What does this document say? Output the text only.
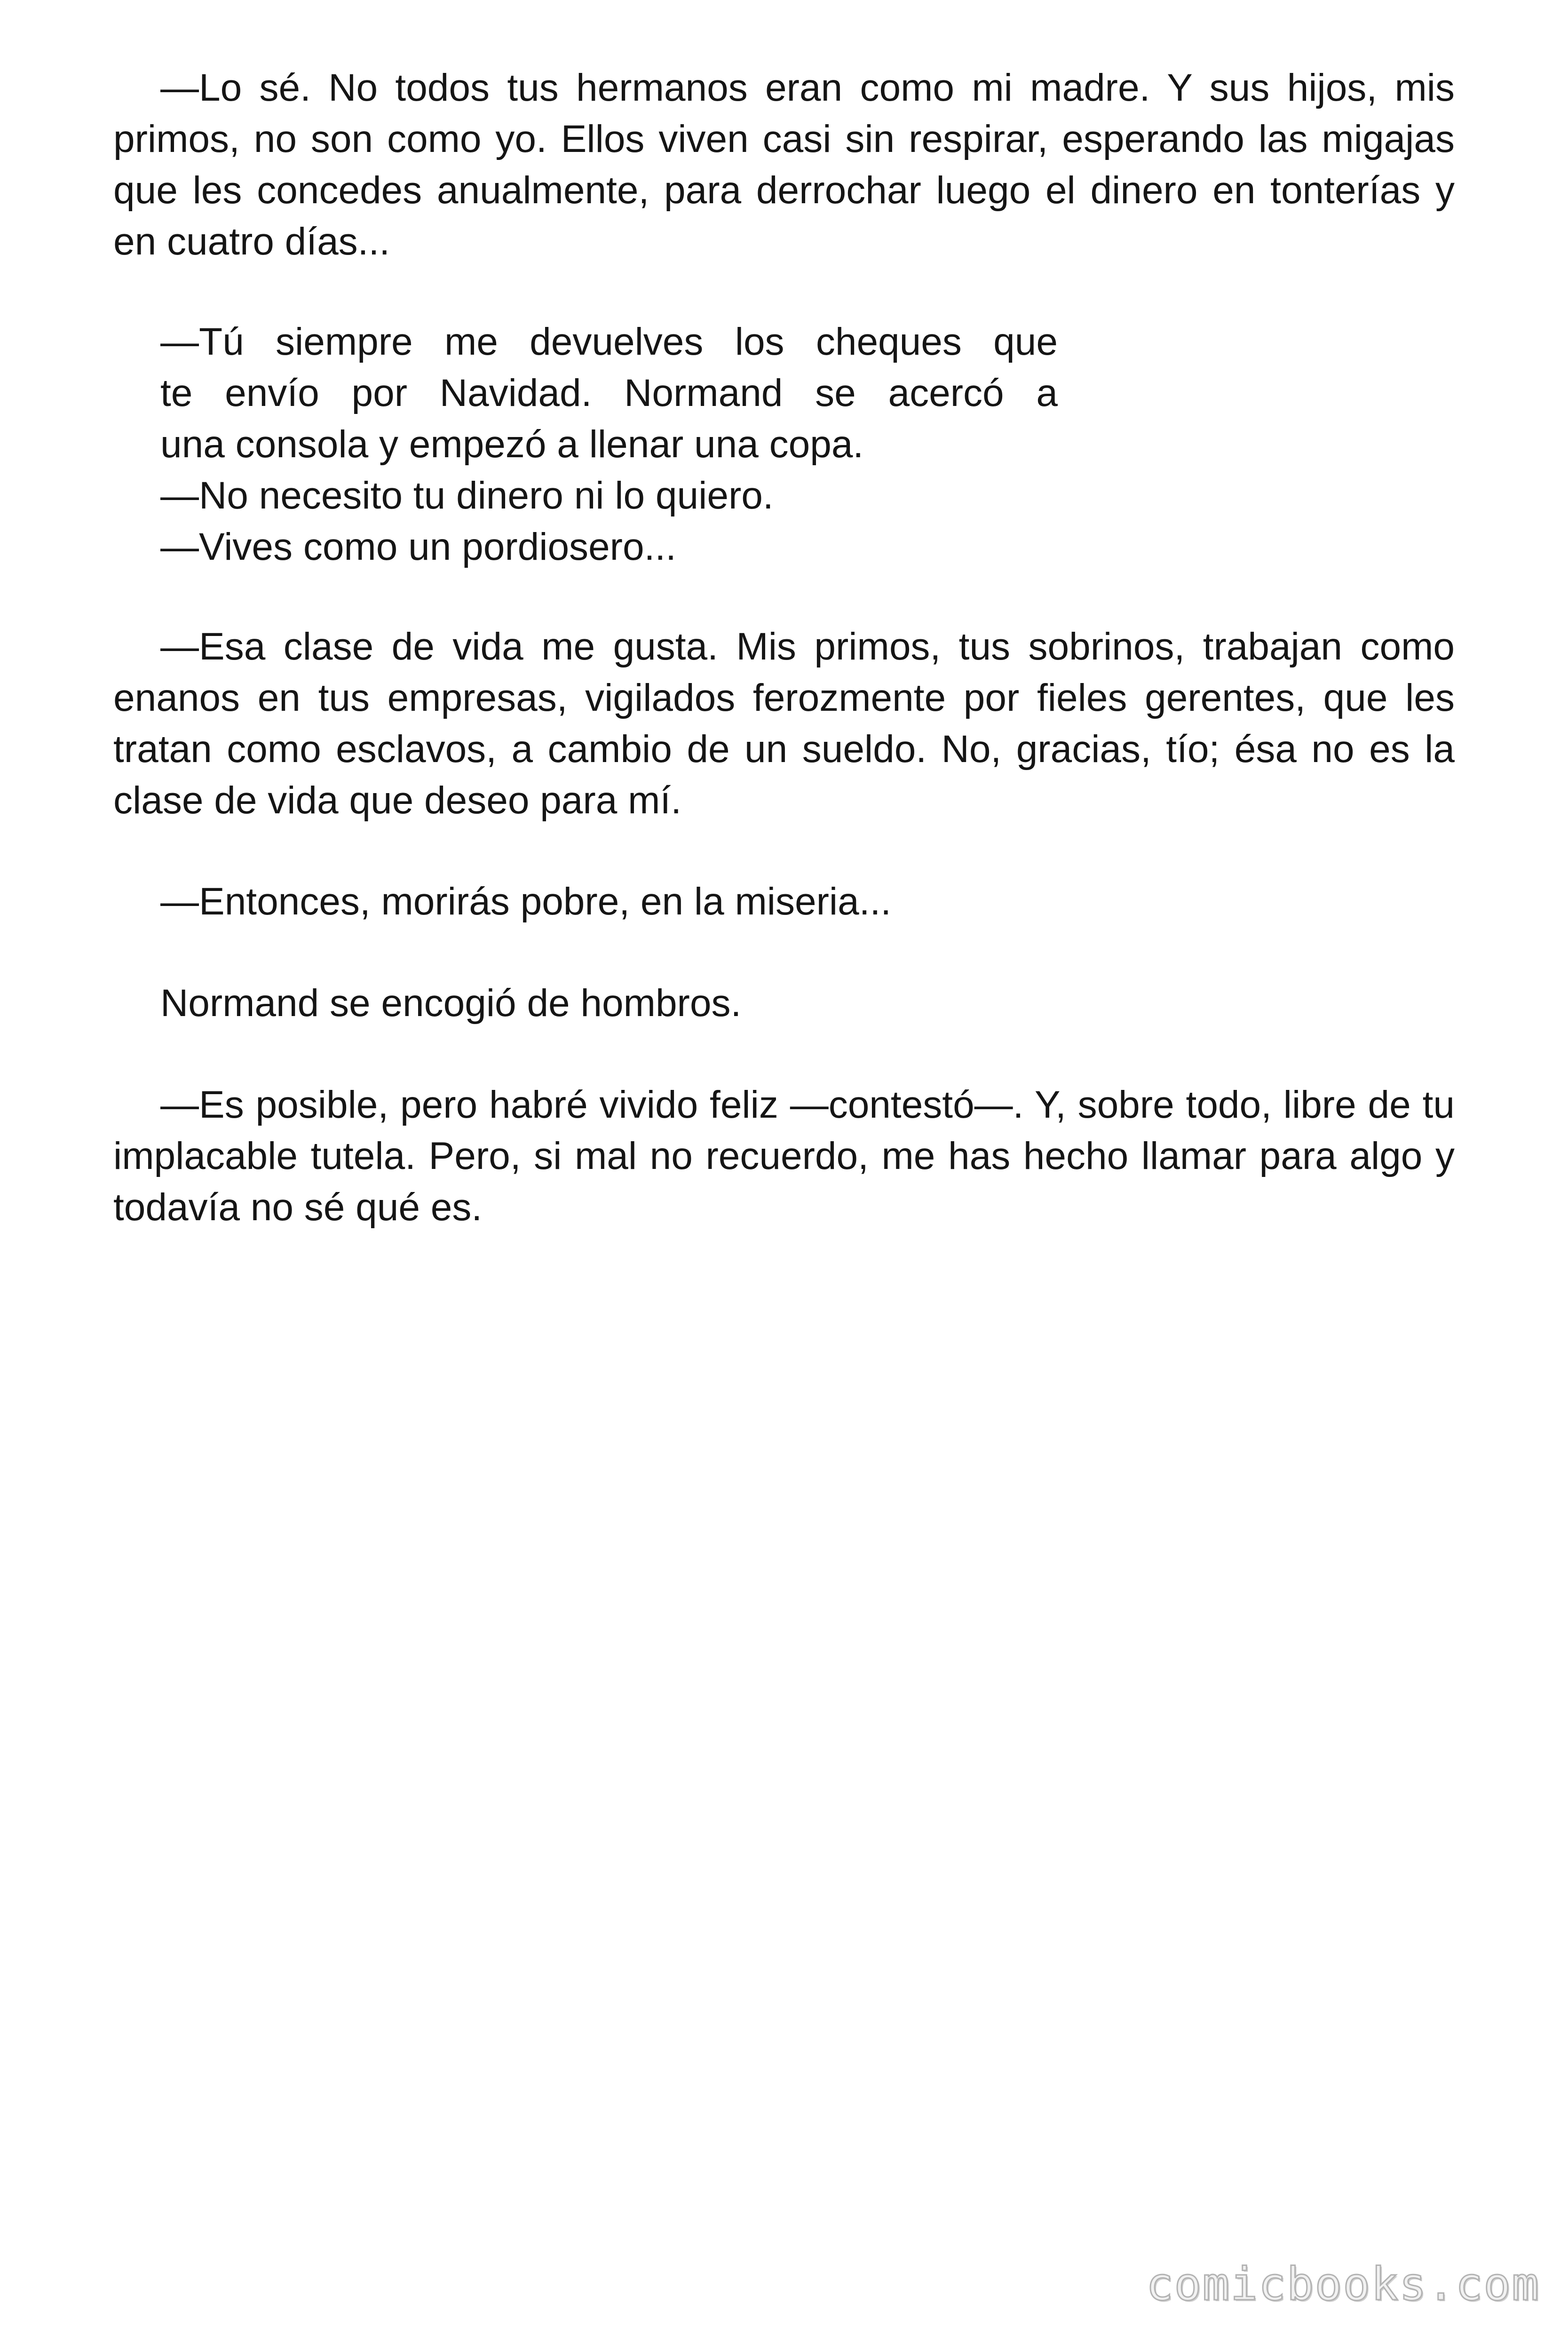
—Lo sé. No todos tus hermanos eran como mi madre. Y sus hijos, mis primos, no son como yo. Ellos viven casi sin respirar, esperando las migajas que les concedes anualmente, para derrochar luego el dinero en tonterías y en cuatro días...

—Tú siempre me devuelves los cheques que
te envío por Navidad. Normand se acercó a
una consola y empezó a llenar una copa.
—No necesito tu dinero ni lo quiero.
—Vives como un pordiosero...

—Esa clase de vida me gusta. Mis primos, tus sobrinos, trabajan como enanos en tus empresas, vigilados ferozmente por fieles gerentes, que les tratan como esclavos, a cambio de un sueldo. No, gracias, tío; ésa no es la clase de vida que deseo para mí.

—Entonces, morirás pobre, en la miseria...

Normand se encogió de hombros.

—Es posible, pero habré vivido feliz —contestó—. Y, sobre todo, libre de tu implacable tutela. Pero, si mal no recuerdo, me has hecho llamar para algo y todavía no sé qué es.

comicbooks.com
